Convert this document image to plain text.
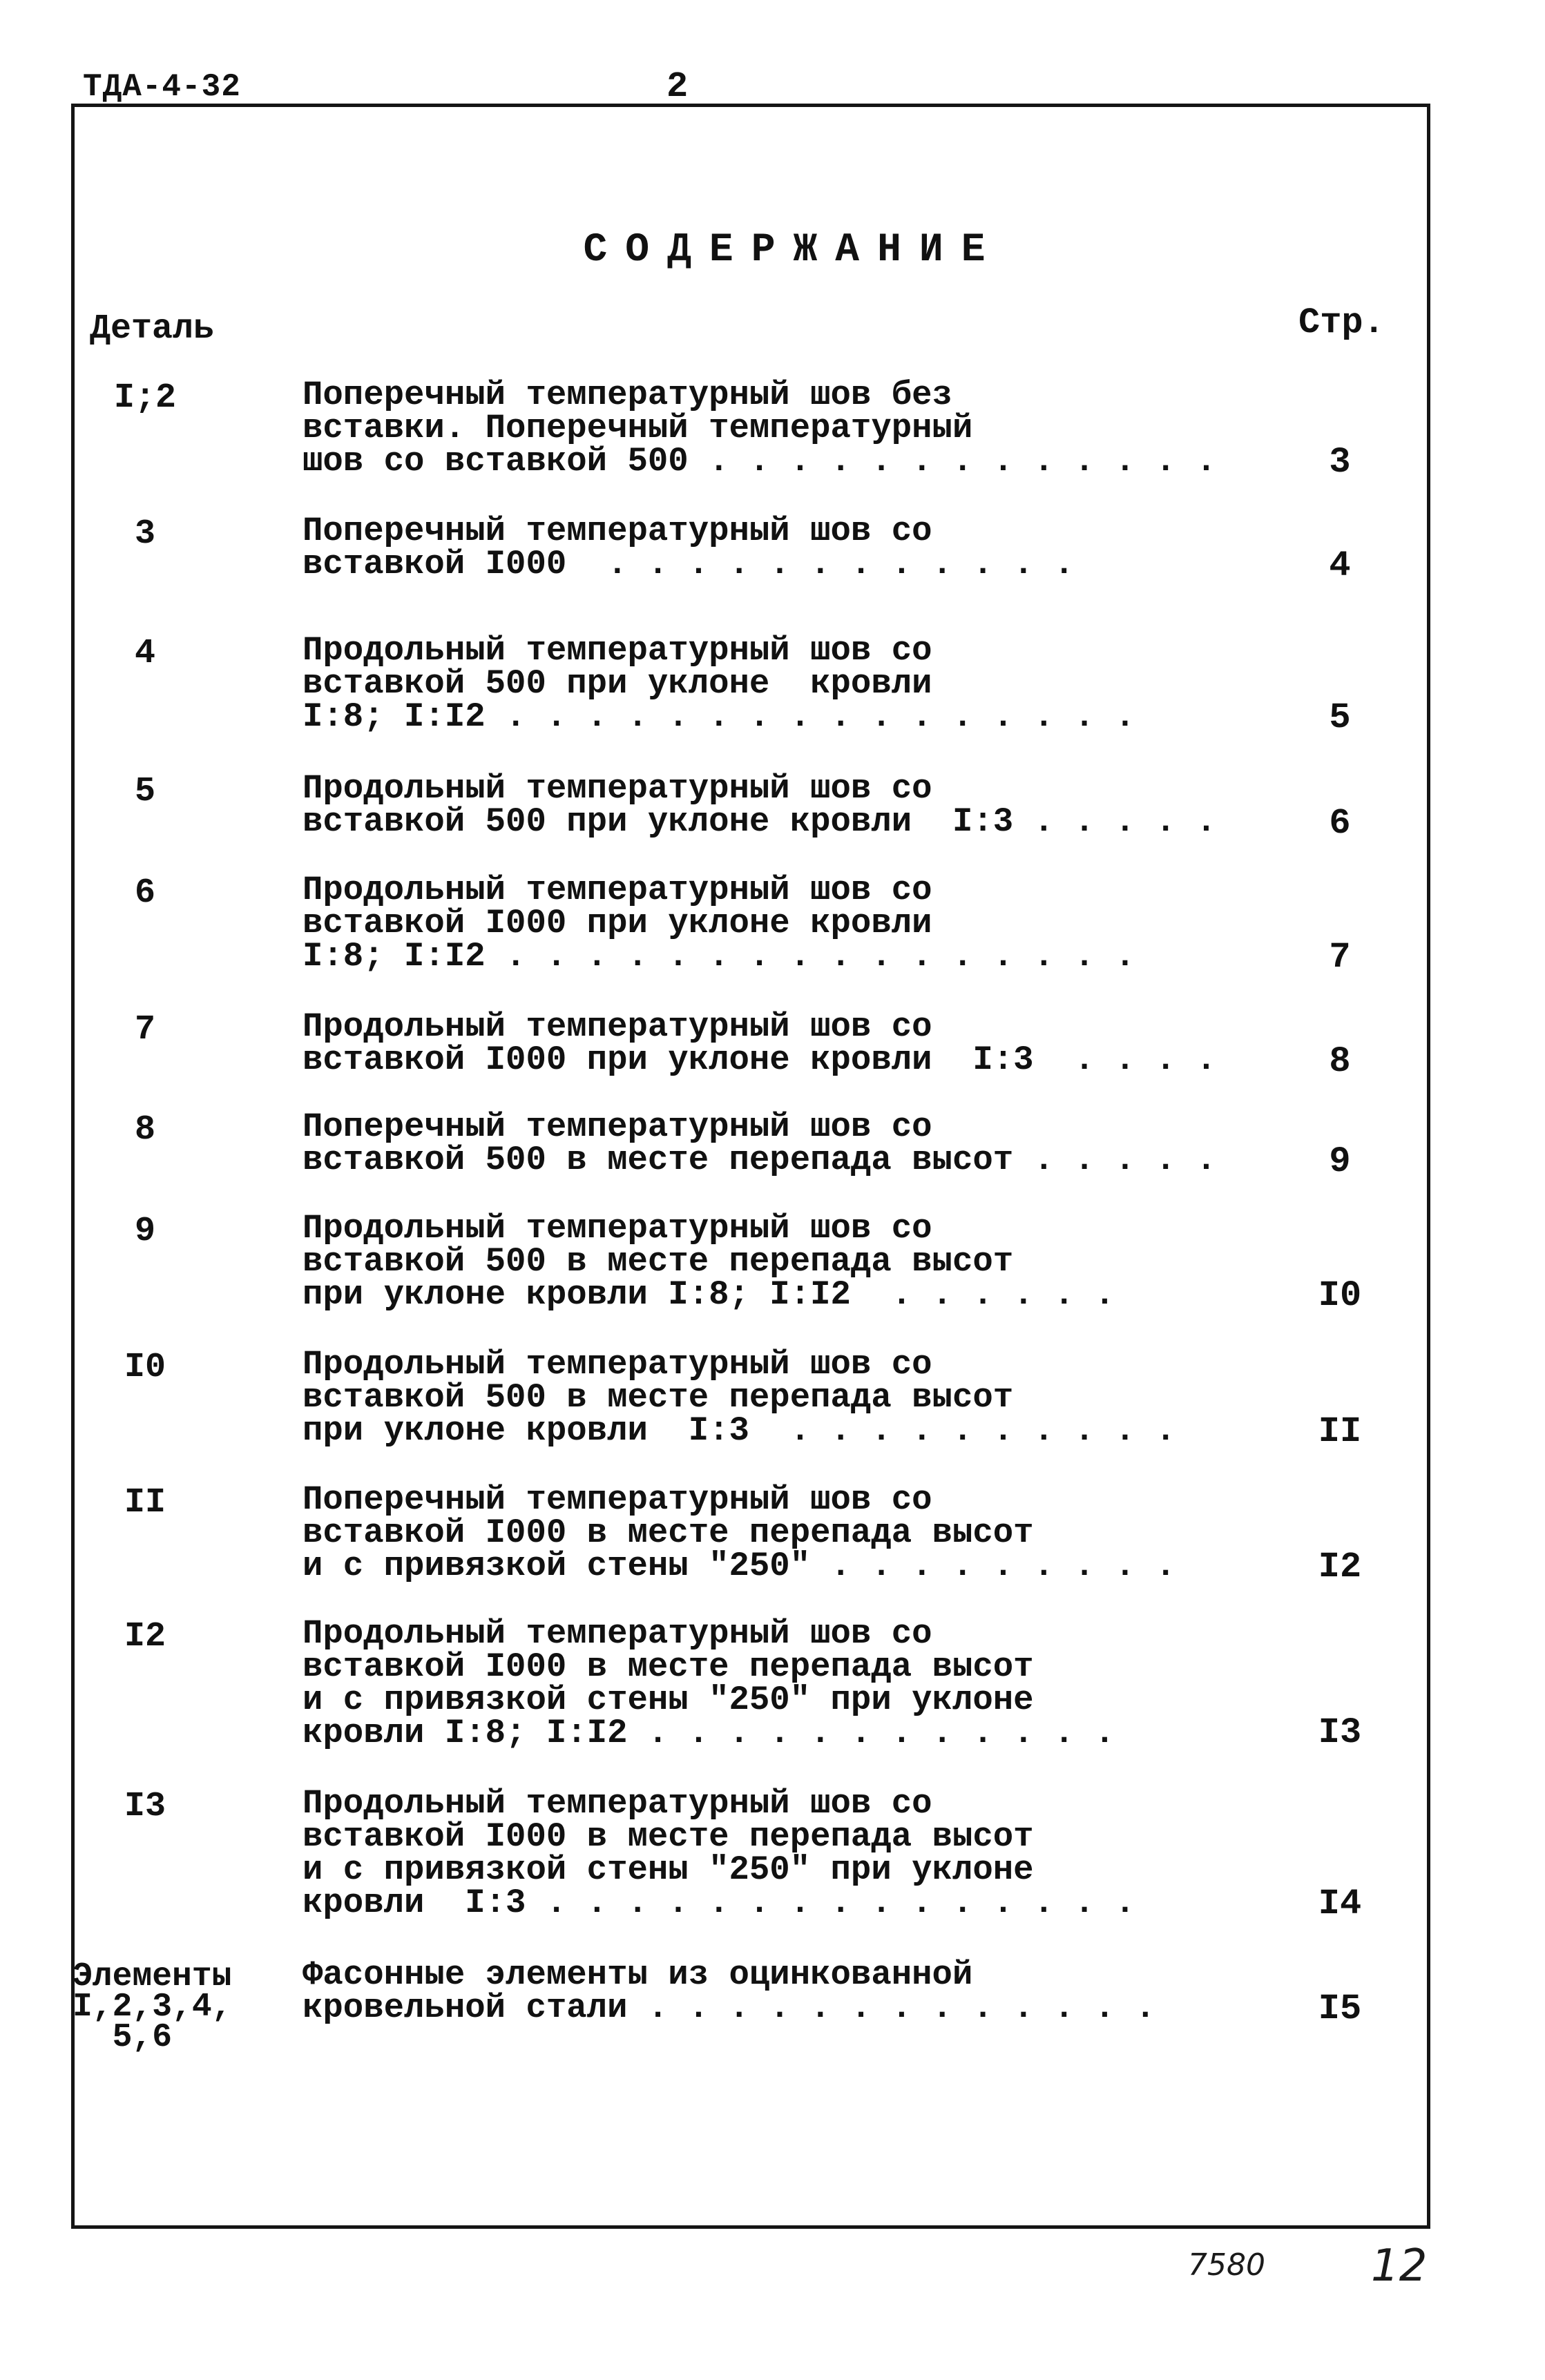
ТДА-4-32	2
СОДЕРЖАНИЕ
Деталь	Стр.
I;2	Поперечный температурный шов без
вставки. Поперечный температурный
шов со вставкой 500 . . . . . . . . . . . . .	3
3	Поперечный температурный шов со
вставкой I000  . . . . . . . . . . . .	4
4	Продольный температурный шов со
вставкой 500 при уклоне  кровли
I:8; I:I2 . . . . . . . . . . . . . . . .	5
5	Продольный температурный шов со
вставкой 500 при уклоне кровли  I:3 . . . . .	6
6	Продольный температурный шов со
вставкой I000 при уклоне кровли
I:8; I:I2 . . . . . . . . . . . . . . . .	7
7	Продольный температурный шов со
вставкой I000 при уклоне кровли  I:3  . . . .	8
8	Поперечный температурный шов со
вставкой 500 в месте перепада высот . . . . .	9
9	Продольный температурный шов со
вставкой 500 в месте перепада высот
при уклоне кровли I:8; I:I2  . . . . . .	I0
I0	Продольный температурный шов со
вставкой 500 в месте перепада высот
при уклоне кровли  I:3  . . . . . . . . . .	II
II	Поперечный температурный шов со
вставкой I000 в месте перепада высот
и с привязкой стены "250" . . . . . . . . .	I2
I2	Продольный температурный шов со
вставкой I000 в месте перепада высот
и с привязкой стены "250" при уклоне
кровли I:8; I:I2 . . . . . . . . . . . .	I3
I3	Продольный температурный шов со
вставкой I000 в месте перепада высот
и с привязкой стены "250" при уклоне
кровли  I:3 . . . . . . . . . . . . . . .	I4
Элементы
I,2,3,4,
5,6
Фасонные элементы из оцинкованной
кровельной стали . . . . . . . . . . . . .	I5
7580 12
